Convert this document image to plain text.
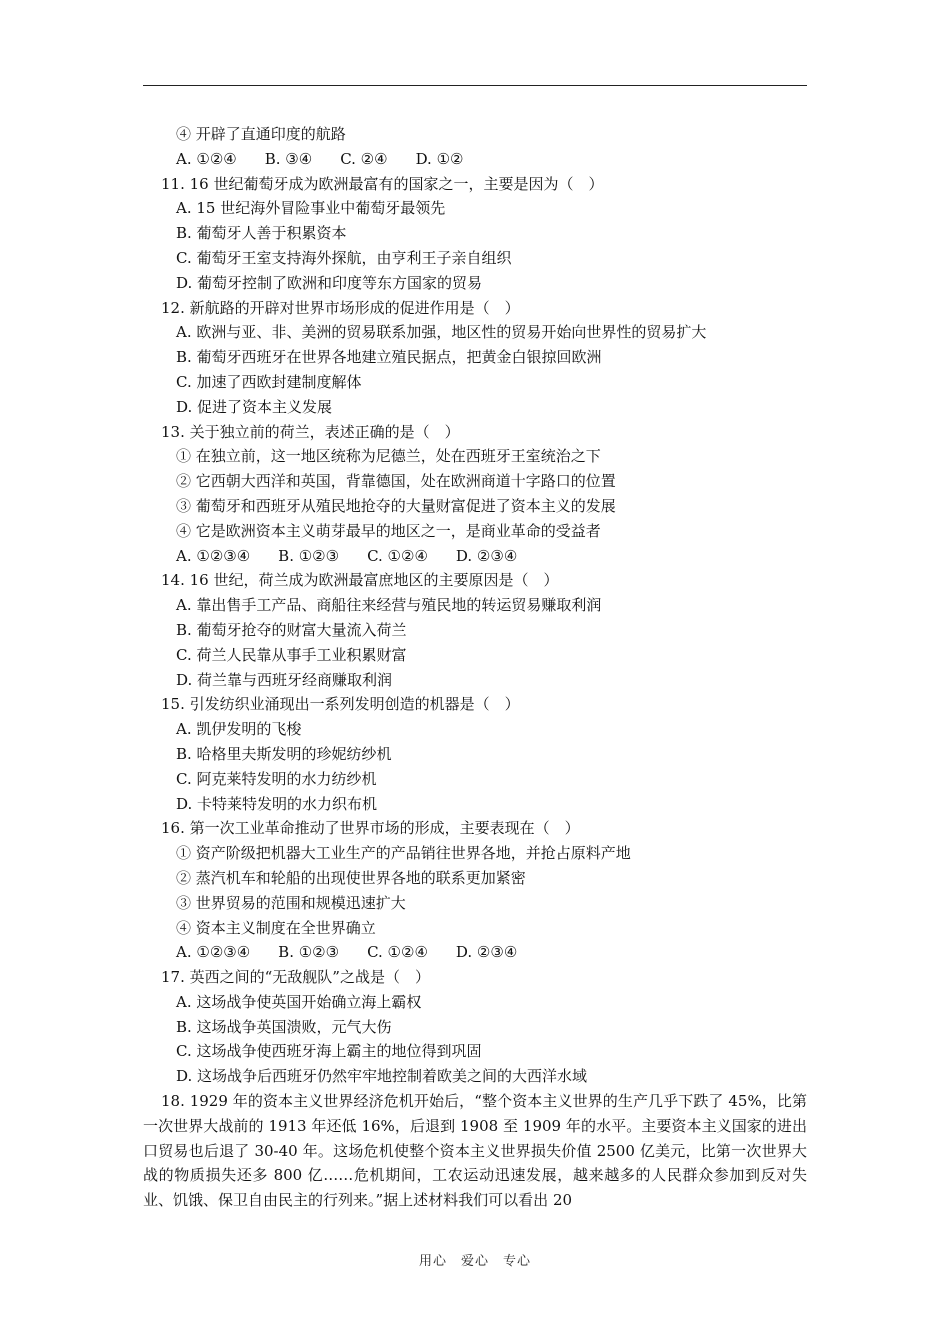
④ 开辟了直通印度的航路
A. ①②④ B. ③④ C. ②④ D. ①②
11. 16 世纪葡萄牙成为欧洲最富有的国家之一，主要是因为（　）
A. 15 世纪海外冒险事业中葡萄牙最领先
B. 葡萄牙人善于积累资本
C. 葡萄牙王室支持海外探航，由亨利王子亲自组织
D. 葡萄牙控制了欧洲和印度等东方国家的贸易
12. 新航路的开辟对世界市场形成的促进作用是（　）
A. 欧洲与亚、非、美洲的贸易联系加强，地区性的贸易开始向世界性的贸易扩大
B. 葡萄牙西班牙在世界各地建立殖民据点，把黄金白银掠回欧洲
C. 加速了西欧封建制度解体
D. 促进了资本主义发展
13. 关于独立前的荷兰，表述正确的是（　）
① 在独立前，这一地区统称为尼德兰，处在西班牙王室统治之下
② 它西朝大西洋和英国，背靠德国，处在欧洲商道十字路口的位置
③ 葡萄牙和西班牙从殖民地抢夺的大量财富促进了资本主义的发展
④ 它是欧洲资本主义萌芽最早的地区之一，是商业革命的受益者
A. ①②③④ B. ①②③ C. ①②④ D. ②③④
14. 16 世纪，荷兰成为欧洲最富庶地区的主要原因是（　）
A. 靠出售手工产品、商船往来经营与殖民地的转运贸易赚取利润
B. 葡萄牙抢夺的财富大量流入荷兰
C. 荷兰人民靠从事手工业积累财富
D. 荷兰靠与西班牙经商赚取利润
15. 引发纺织业涌现出一系列发明创造的机器是（　）
A. 凯伊发明的飞梭
B. 哈格里夫斯发明的珍妮纺纱机
C. 阿克莱特发明的水力纺纱机
D. 卡特莱特发明的水力织布机
16. 第一次工业革命推动了世界市场的形成，主要表现在（　）
① 资产阶级把机器大工业生产的产品销往世界各地，并抢占原料产地
② 蒸汽机车和轮船的出现使世界各地的联系更加紧密
③ 世界贸易的范围和规模迅速扩大
④ 资本主义制度在全世界确立
A. ①②③④ B. ①②③ C. ①②④ D. ②③④
17. 英西之间的“无敌舰队”之战是（　）
A. 这场战争使英国开始确立海上霸权
B. 这场战争英国溃败，元气大伤
C. 这场战争使西班牙海上霸主的地位得到巩固
D. 这场战争后西班牙仍然牢牢地控制着欧美之间的大西洋水域

18. 1929 年的资本主义世界经济危机开始后，“整个资本主义世界的生产几乎下跌了 45%，比第一次世界大战前的 1913 年还低 16%，后退到 1908 至 1909 年的水平。主要资本主义国家的进出口贸易也后退了 30-40 年。这场危机使整个资本主义世界损失价值 2500 亿美元，比第一次世界大战的物质损失还多 800 亿……危机期间，工农运动迅速发展，越来越多的人民群众参加到反对失业、饥饿、保卫自由民主的行列来。”据上述材料我们可以看出 20

用心　爱心　专心
